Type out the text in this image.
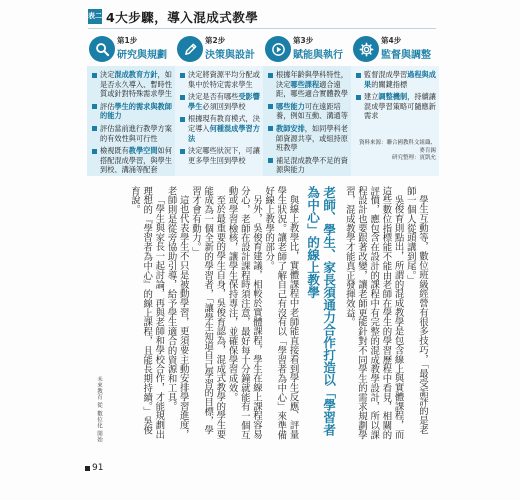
表二 4大步驟，導入混成式教學
第1步
研究與規劃
決定混成教育方針，如是否永久導入、暫時性質或針對特殊需求學生
評估學生的需求與教師的能力
評估當前進行教學方案的有效性與可行性
檢視既有教學空間如何搭配混成學習，與學生到校、溝涌等配套
第2步
決策與設計
決定將資源平均分配或集中於特定需求學生
決定是否有哪些受影響學生必須回到學校
根據現有教育模式，決定導入何種混成學習方法
決定哪些狀況下，可讓更多學生回到學校
第3步
賦能與執行
根據年齡與學科特性，決定哪些課程適合遠距，哪些適合實體教學
哪些能力可在遠距培養，例如互動、溝通等
教師安排，如同學科老師資源共享，或組持原班教學
補足混成教學不足的資源與能力
第4步
監督與調整
監督混成學習過程與成果的關鍵指標
建立調整機制，持續讓混成學習策略可隨應新需求
資料來源：聯合國教科文組織、麥肯錫
研究整理：賓凱允

學生互動等，數位班級經營有很多技巧，「最受詬評的是老師一個人從頭講到尾。」

吳俊育則點出，所謂的混成教學是包含線上與實體課程，而這些數位指標能不能由老師在學生的學習歷程中看見，相關的評價，應包含在設計的課程中有完整的混成教學設計，所以課程設計也要跟著改變，讓老師更能針對不同學生的需求規劃學習，混成教學才能真正發揮效益。

老師、學生、家長須通力合作打造以「學習者為中心」的線上教學

與線上教學比，實體課程中老師能直接看到學生反應、評量學生狀況。讓老師了解自己有沒有以「學習者為中心」來準備好線上教學的部分。

另外，吳俊育建議，相較於實體課程，學生在線上課程容易分心，老師在設計課程時須注意，最好每十分鐘就能有一個互動或學習檢核，讓學生保持專注，並確保學習成效。

至於最重要的學生自身，吳俊育認為，混成式教學的學生要能成為一個全新的學習者，「讓學生知道自己學習的目標，學習才會有動力。」

這也代表學生不只是被動學習，更須要主動安排學習進度，老師則是從旁協助引導，給予學生適合的資源和工具。

「學生與家長一起討論，再與老師和學校合作，才能規劃出理想的『學習者為中心』的線上課程，且能長期持續。」吳俊育說。

未來教育 從 數位化 開始
91
